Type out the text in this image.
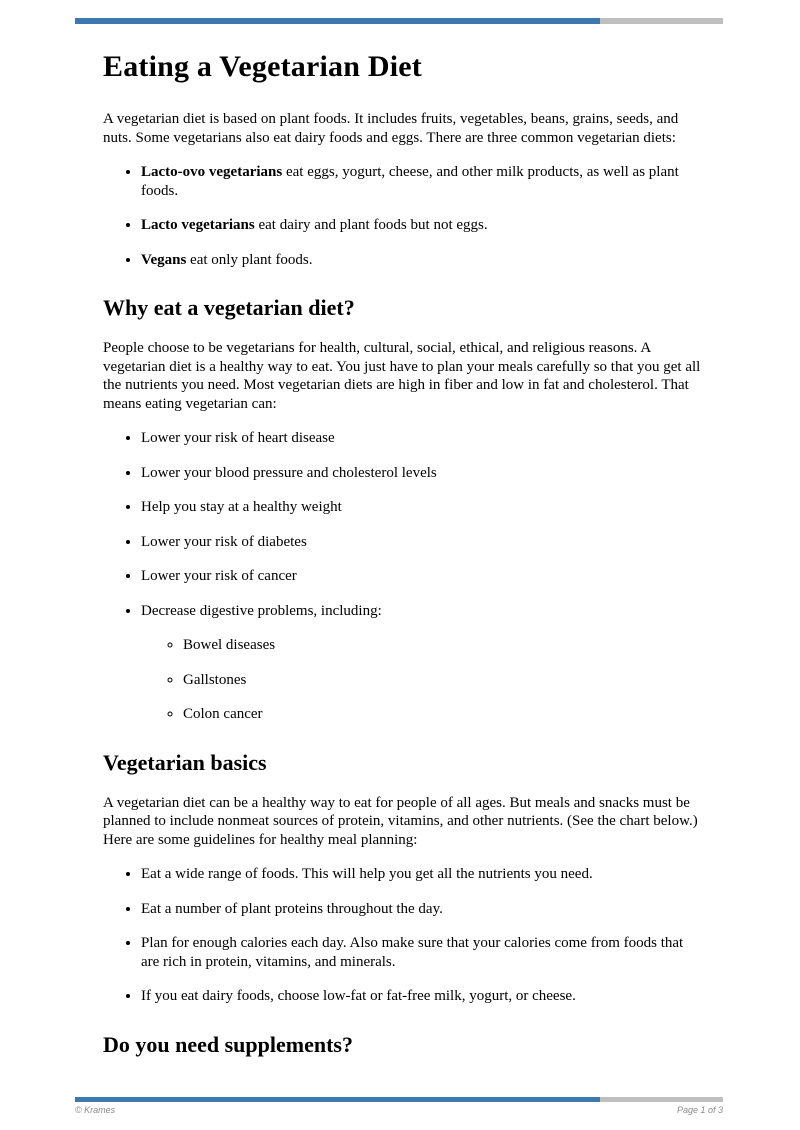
Eating a Vegetarian Diet

A vegetarian diet is based on plant foods. It includes fruits, vegetables, beans, grains, seeds, and nuts. Some vegetarians also eat dairy foods and eggs. There are three common vegetarian diets:

• Lacto-ovo vegetarians eat eggs, yogurt, cheese, and other milk products, as well as plant foods.
• Lacto vegetarians eat dairy and plant foods but not eggs.
• Vegans eat only plant foods.
Why eat a vegetarian diet?

People choose to be vegetarians for health, cultural, social, ethical, and religious reasons. A vegetarian diet is a healthy way to eat. You just have to plan your meals carefully so that you get all the nutrients you need. Most vegetarian diets are high in fiber and low in fat and cholesterol. That means eating vegetarian can:

• Lower your risk of heart disease
• Lower your blood pressure and cholesterol levels
• Help you stay at a healthy weight
• Lower your risk of diabetes
• Lower your risk of cancer
• Decrease digestive problems, including:
◦ Bowel diseases
◦ Gallstones
◦ Colon cancer
Vegetarian basics

A vegetarian diet can be a healthy way to eat for people of all ages. But meals and snacks must be planned to include nonmeat sources of protein, vitamins, and other nutrients. (See the chart below.) Here are some guidelines for healthy meal planning:

• Eat a wide range of foods. This will help you get all the nutrients you need.
• Eat a number of plant proteins throughout the day.
• Plan for enough calories each day. Also make sure that your calories come from foods that are rich in protein, vitamins, and minerals.
• If you eat dairy foods, choose low-fat or fat-free milk, yogurt, or cheese.
Do you need supplements?
© Krames	Page 1 of 3
